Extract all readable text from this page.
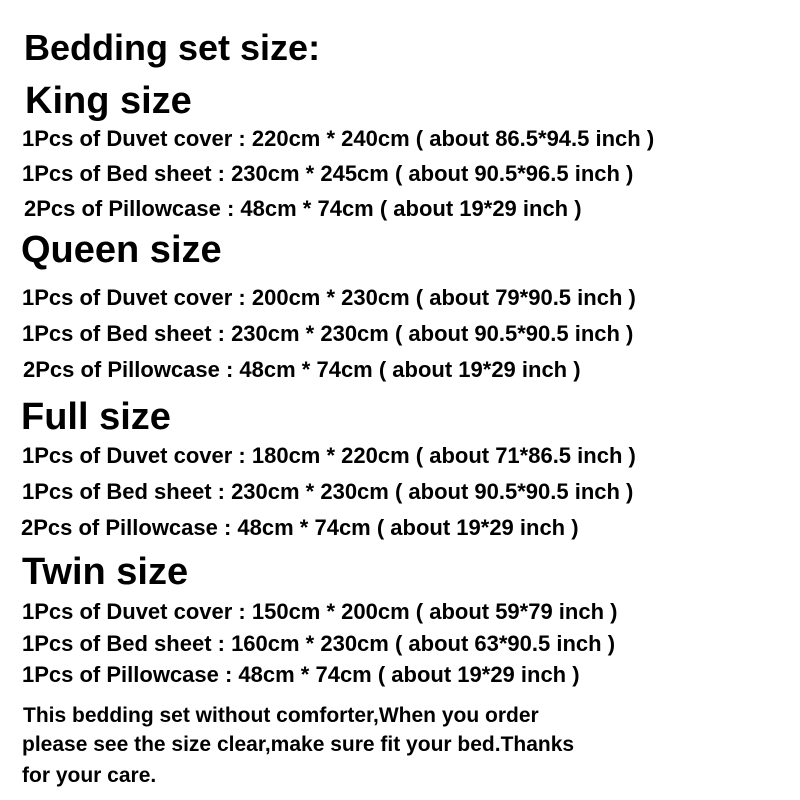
Bedding set size:
King size
1Pcs of Duvet cover : 220cm * 240cm ( about 86.5*94.5 inch )
1Pcs of Bed sheet : 230cm * 245cm ( about 90.5*96.5 inch )
2Pcs of Pillowcase : 48cm * 74cm ( about 19*29 inch )
Queen size
1Pcs of Duvet cover : 200cm * 230cm ( about 79*90.5 inch )
1Pcs of Bed sheet : 230cm * 230cm ( about 90.5*90.5 inch )
2Pcs of Pillowcase : 48cm * 74cm ( about 19*29 inch )
Full size
1Pcs of Duvet cover : 180cm * 220cm ( about 71*86.5 inch )
1Pcs of Bed sheet : 230cm * 230cm ( about 90.5*90.5 inch )
2Pcs of Pillowcase : 48cm * 74cm ( about 19*29 inch )
Twin size
1Pcs of Duvet cover : 150cm * 200cm ( about 59*79 inch )
1Pcs of Bed sheet : 160cm * 230cm ( about 63*90.5 inch )
1Pcs of Pillowcase : 48cm * 74cm ( about 19*29 inch )
This bedding set without comforter,When you order
please see the size clear,make sure fit your bed.Thanks
for your care.
